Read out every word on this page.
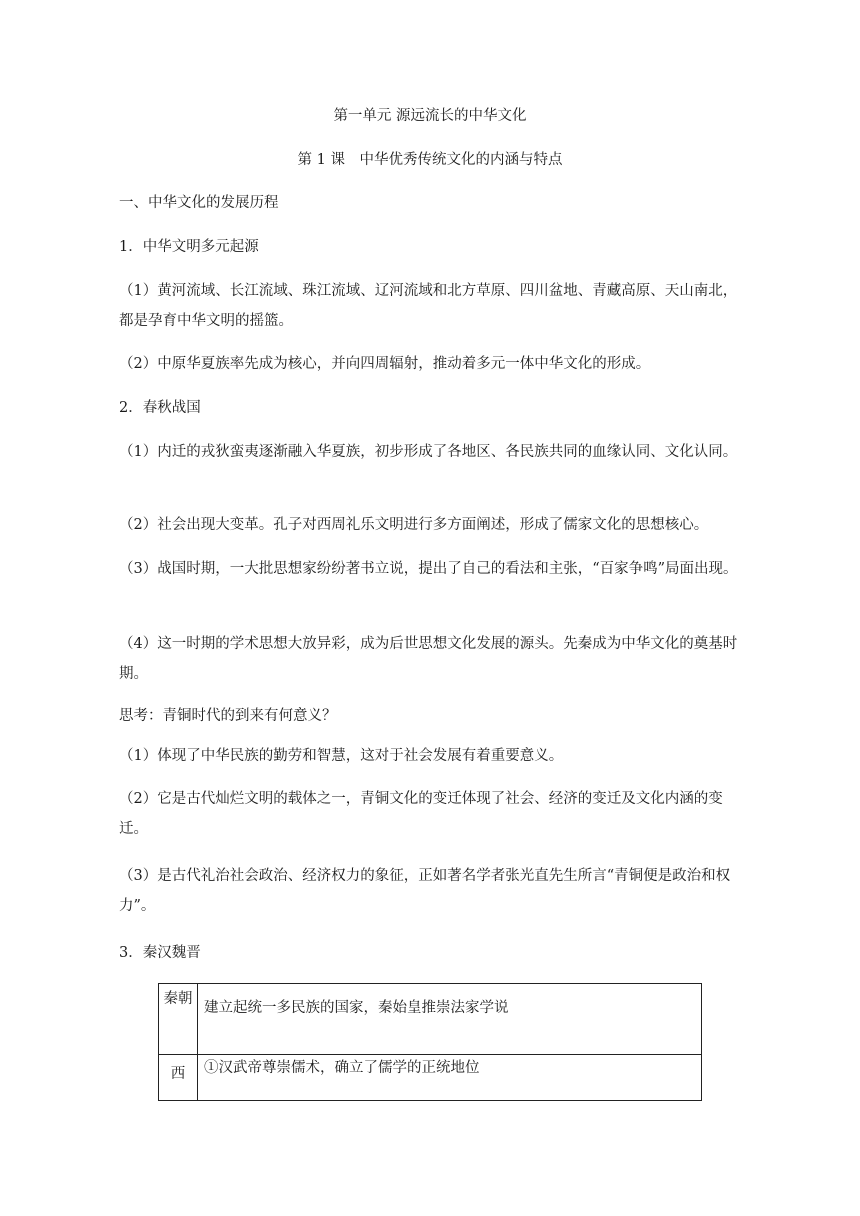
第一单元 源远流长的中华文化
第 1 课　中华优秀传统文化的内涵与特点
一、中华文化的发展历程
1．中华文明多元起源
（1）黄河流域、长江流域、珠江流域、辽河流域和北方草原、四川盆地、青藏高原、天山南北，都是孕育中华文明的摇篮。
（2）中原华夏族率先成为核心，并向四周辐射，推动着多元一体中华文化的形成。
2．春秋战国
（1）内迁的戎狄蛮夷逐渐融入华夏族，初步形成了各地区、各民族共同的血缘认同、文化认同。
（2）社会出现大变革。孔子对西周礼乐文明进行多方面阐述，形成了儒家文化的思想核心。
（3）战国时期，一大批思想家纷纷著书立说，提出了自己的看法和主张，“百家争鸣”局面出现。
（4）这一时期的学术思想大放异彩，成为后世思想文化发展的源头。先秦成为中华文化的奠基时期。
思考：青铜时代的到来有何意义？
（1）体现了中华民族的勤劳和智慧，这对于社会发展有着重要意义。
（2）它是古代灿烂文明的载体之一，青铜文化的变迁体现了社会、经济的变迁及文化内涵的变迁。
（3）是古代礼治社会政治、经济权力的象征，正如著名学者张光直先生所言“青铜便是政治和权力”。
3．秦汉魏晋
秦朝	建立起统一多民族的国家，秦始皇推崇法家学说
西	①汉武帝尊崇儒术，确立了儒学的正统地位
